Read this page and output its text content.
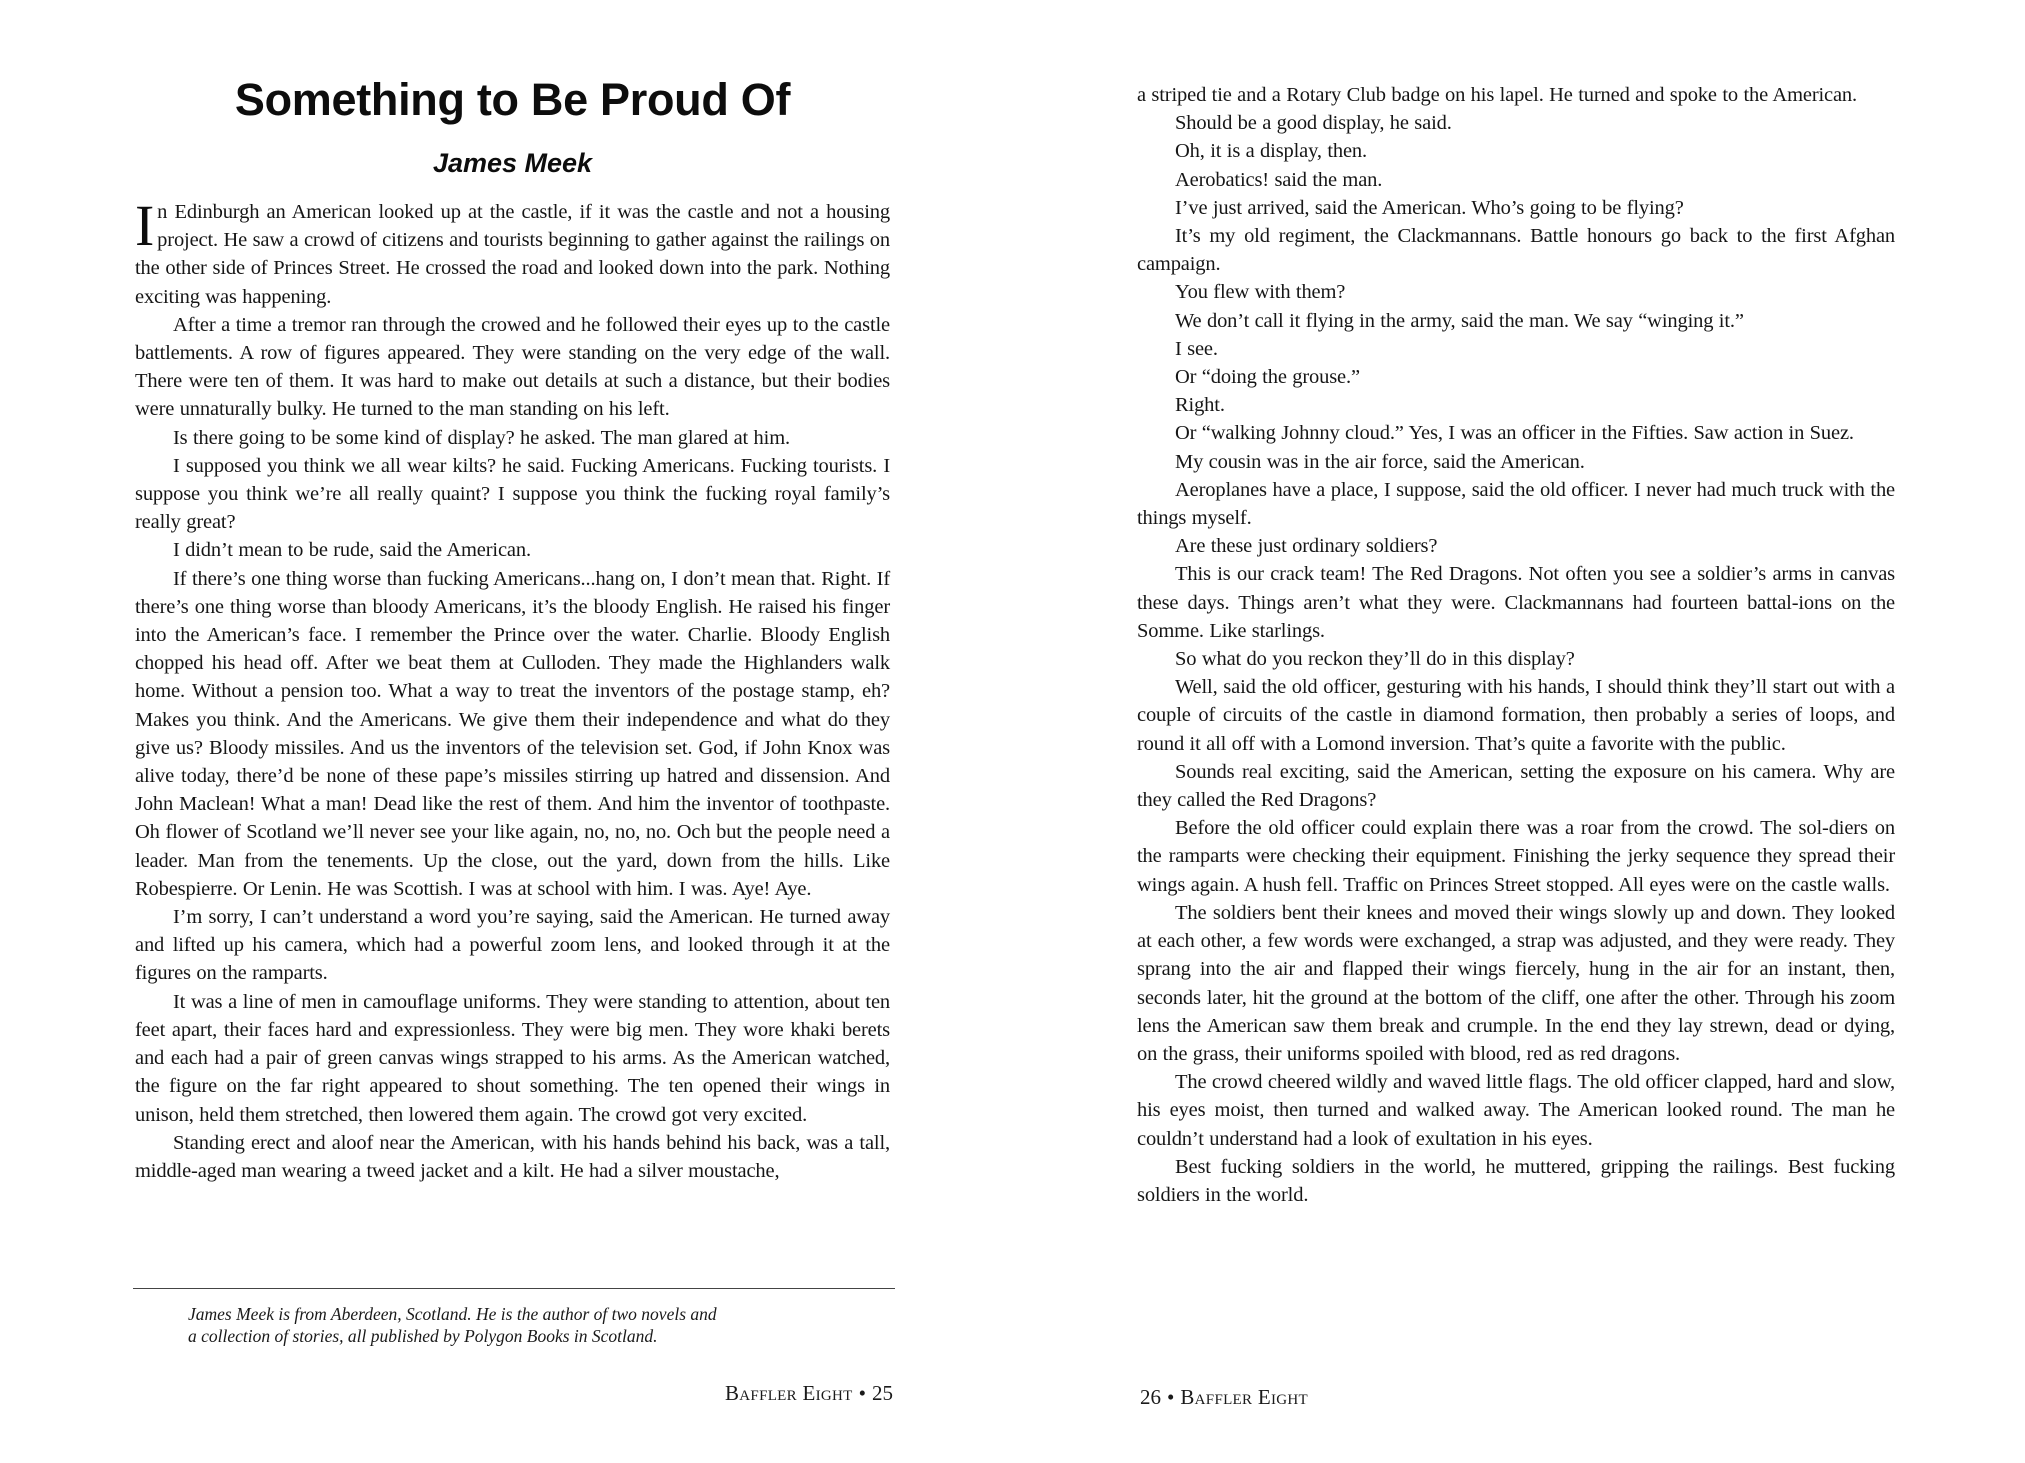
Something to Be Proud Of
James Meek

In Edinburgh an American looked up at the castle, if it was the castle and not a housing project. He saw a crowd of citizens and tourists beginning to gather against the railings on the other side of Princes Street. He crossed the road and looked down into the park. Nothing exciting was happening.

After a time a tremor ran through the crowed and he followed their eyes up to the castle battlements. A row of figures appeared. They were standing on the very edge of the wall. There were ten of them. It was hard to make out details at such a distance, but their bodies were unnaturally bulky. He turned to the man standing on his left.

Is there going to be some kind of display? he asked. The man glared at him.

I supposed you think we all wear kilts? he said. Fucking Americans. Fucking tourists. I suppose you think we’re all really quaint? I suppose you think the fucking royal family’s really great?

I didn’t mean to be rude, said the American.

If there’s one thing worse than fucking Americans...hang on, I don’t mean that. Right. If there’s one thing worse than bloody Americans, it’s the bloody English. He raised his finger into the American’s face. I remember the Prince over the water. Charlie. Bloody English chopped his head off. After we beat them at Culloden. They made the Highlanders walk home. Without a pension too. What a way to treat the inventors of the postage stamp, eh? Makes you think. And the Americans. We give them their independence and what do they give us? Bloody missiles. And us the inventors of the television set. God, if John Knox was alive today, there’d be none of these pape’s missiles stirring up hatred and dissension. And John Maclean! What a man! Dead like the rest of them. And him the inventor of toothpaste. Oh flower of Scotland we’ll never see your like again, no, no, no. Och but the people need a leader. Man from the tenements. Up the close, out the yard, down from the hills. Like Robespierre. Or Lenin. He was Scottish. I was at school with him. I was. Aye! Aye.

I’m sorry, I can’t understand a word you’re saying, said the American. He turned away and lifted up his camera, which had a powerful zoom lens, and looked through it at the figures on the ramparts.

It was a line of men in camouflage uniforms. They were standing to attention, about ten feet apart, their faces hard and expressionless. They were big men. They wore khaki berets and each had a pair of green canvas wings strapped to his arms. As the American watched, the figure on the far right appeared to shout something. The ten opened their wings in unison, held them stretched, then lowered them again. The crowd got very excited.

Standing erect and aloof near the American, with his hands behind his back, was a tall, middle-aged man wearing a tweed jacket and a kilt. He had a silver moustache,

James Meek is from Aberdeen, Scotland. He is the author of two novels and

a collection of stories, all published by Polygon Books in Scotland.

Baffler Eight • 25

a striped tie and a Rotary Club badge on his lapel. He turned and spoke to the American.

Should be a good display, he said.

Oh, it is a display, then.

Aerobatics! said the man.

I’ve just arrived, said the American. Who’s going to be flying?

It’s my old regiment, the Clackmannans. Battle honours go back to the first Afghan campaign.

You flew with them?

We don’t call it flying in the army, said the man. We say “winging it.”

I see.

Or “doing the grouse.”

Right.

Or “walking Johnny cloud.” Yes, I was an officer in the Fifties. Saw action in Suez.

My cousin was in the air force, said the American.

Aeroplanes have a place, I suppose, said the old officer. I never had much truck with the things myself.

Are these just ordinary soldiers?

This is our crack team! The Red Dragons. Not often you see a soldier’s arms in canvas these days. Things aren’t what they were. Clackmannans had fourteen battal-ions on the Somme. Like starlings.

So what do you reckon they’ll do in this display?

Well, said the old officer, gesturing with his hands, I should think they’ll start out with a couple of circuits of the castle in diamond formation, then probably a series of loops, and round it all off with a Lomond inversion. That’s quite a favorite with the public.

Sounds real exciting, said the American, setting the exposure on his camera. Why are they called the Red Dragons?

Before the old officer could explain there was a roar from the crowd. The sol-diers on the ramparts were checking their equipment. Finishing the jerky sequence they spread their wings again. A hush fell. Traffic on Princes Street stopped. All eyes were on the castle walls.

The soldiers bent their knees and moved their wings slowly up and down. They looked at each other, a few words were exchanged, a strap was adjusted, and they were ready. They sprang into the air and flapped their wings fiercely, hung in the air for an instant, then, seconds later, hit the ground at the bottom of the cliff, one after the other. Through his zoom lens the American saw them break and crumple. In the end they lay strewn, dead or dying, on the grass, their uniforms spoiled with blood, red as red dragons.

The crowd cheered wildly and waved little flags. The old officer clapped, hard and slow, his eyes moist, then turned and walked away. The American looked round. The man he couldn’t understand had a look of exultation in his eyes.

Best fucking soldiers in the world, he muttered, gripping the railings. Best fucking soldiers in the world.

26 • Baffler Eight
